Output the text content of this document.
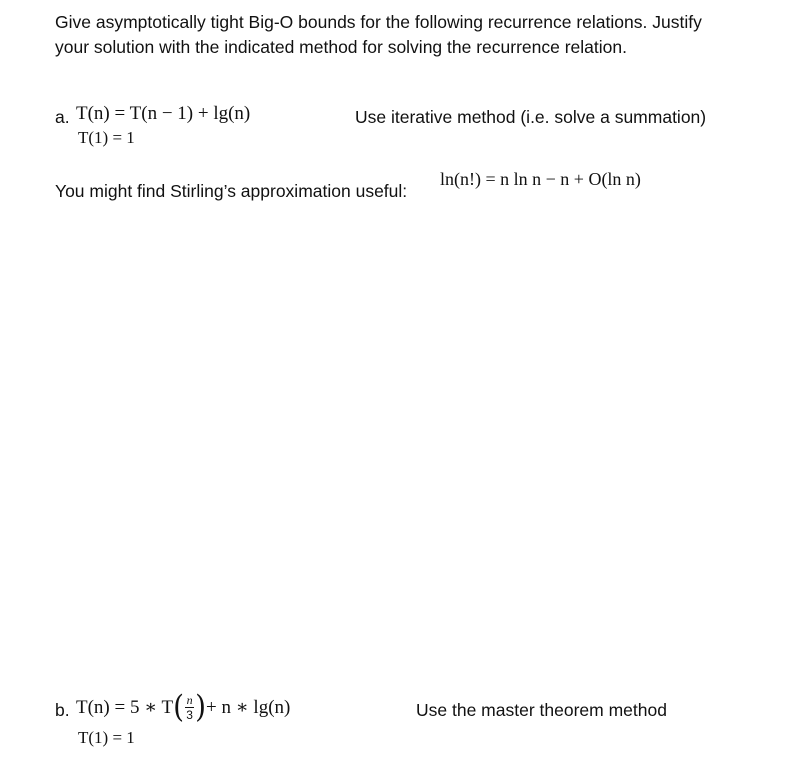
Give asymptotically tight Big-O bounds for the following recurrence relations. Justify
your solution with the indicated method for solving the recurrence relation.
a. T(n) = T(n − 1) + lg(n)
T(1) = 1
Use iterative method (i.e. solve a summation)
You might find Stirling’s approximation useful:
ln(n!) = n ln n − n + O(ln n)
b. T(n) = 5 ∗ T ( $\frac{n}{3}$ ) + n ∗ lg(n)
T(1) = 1
Use the master theorem method
